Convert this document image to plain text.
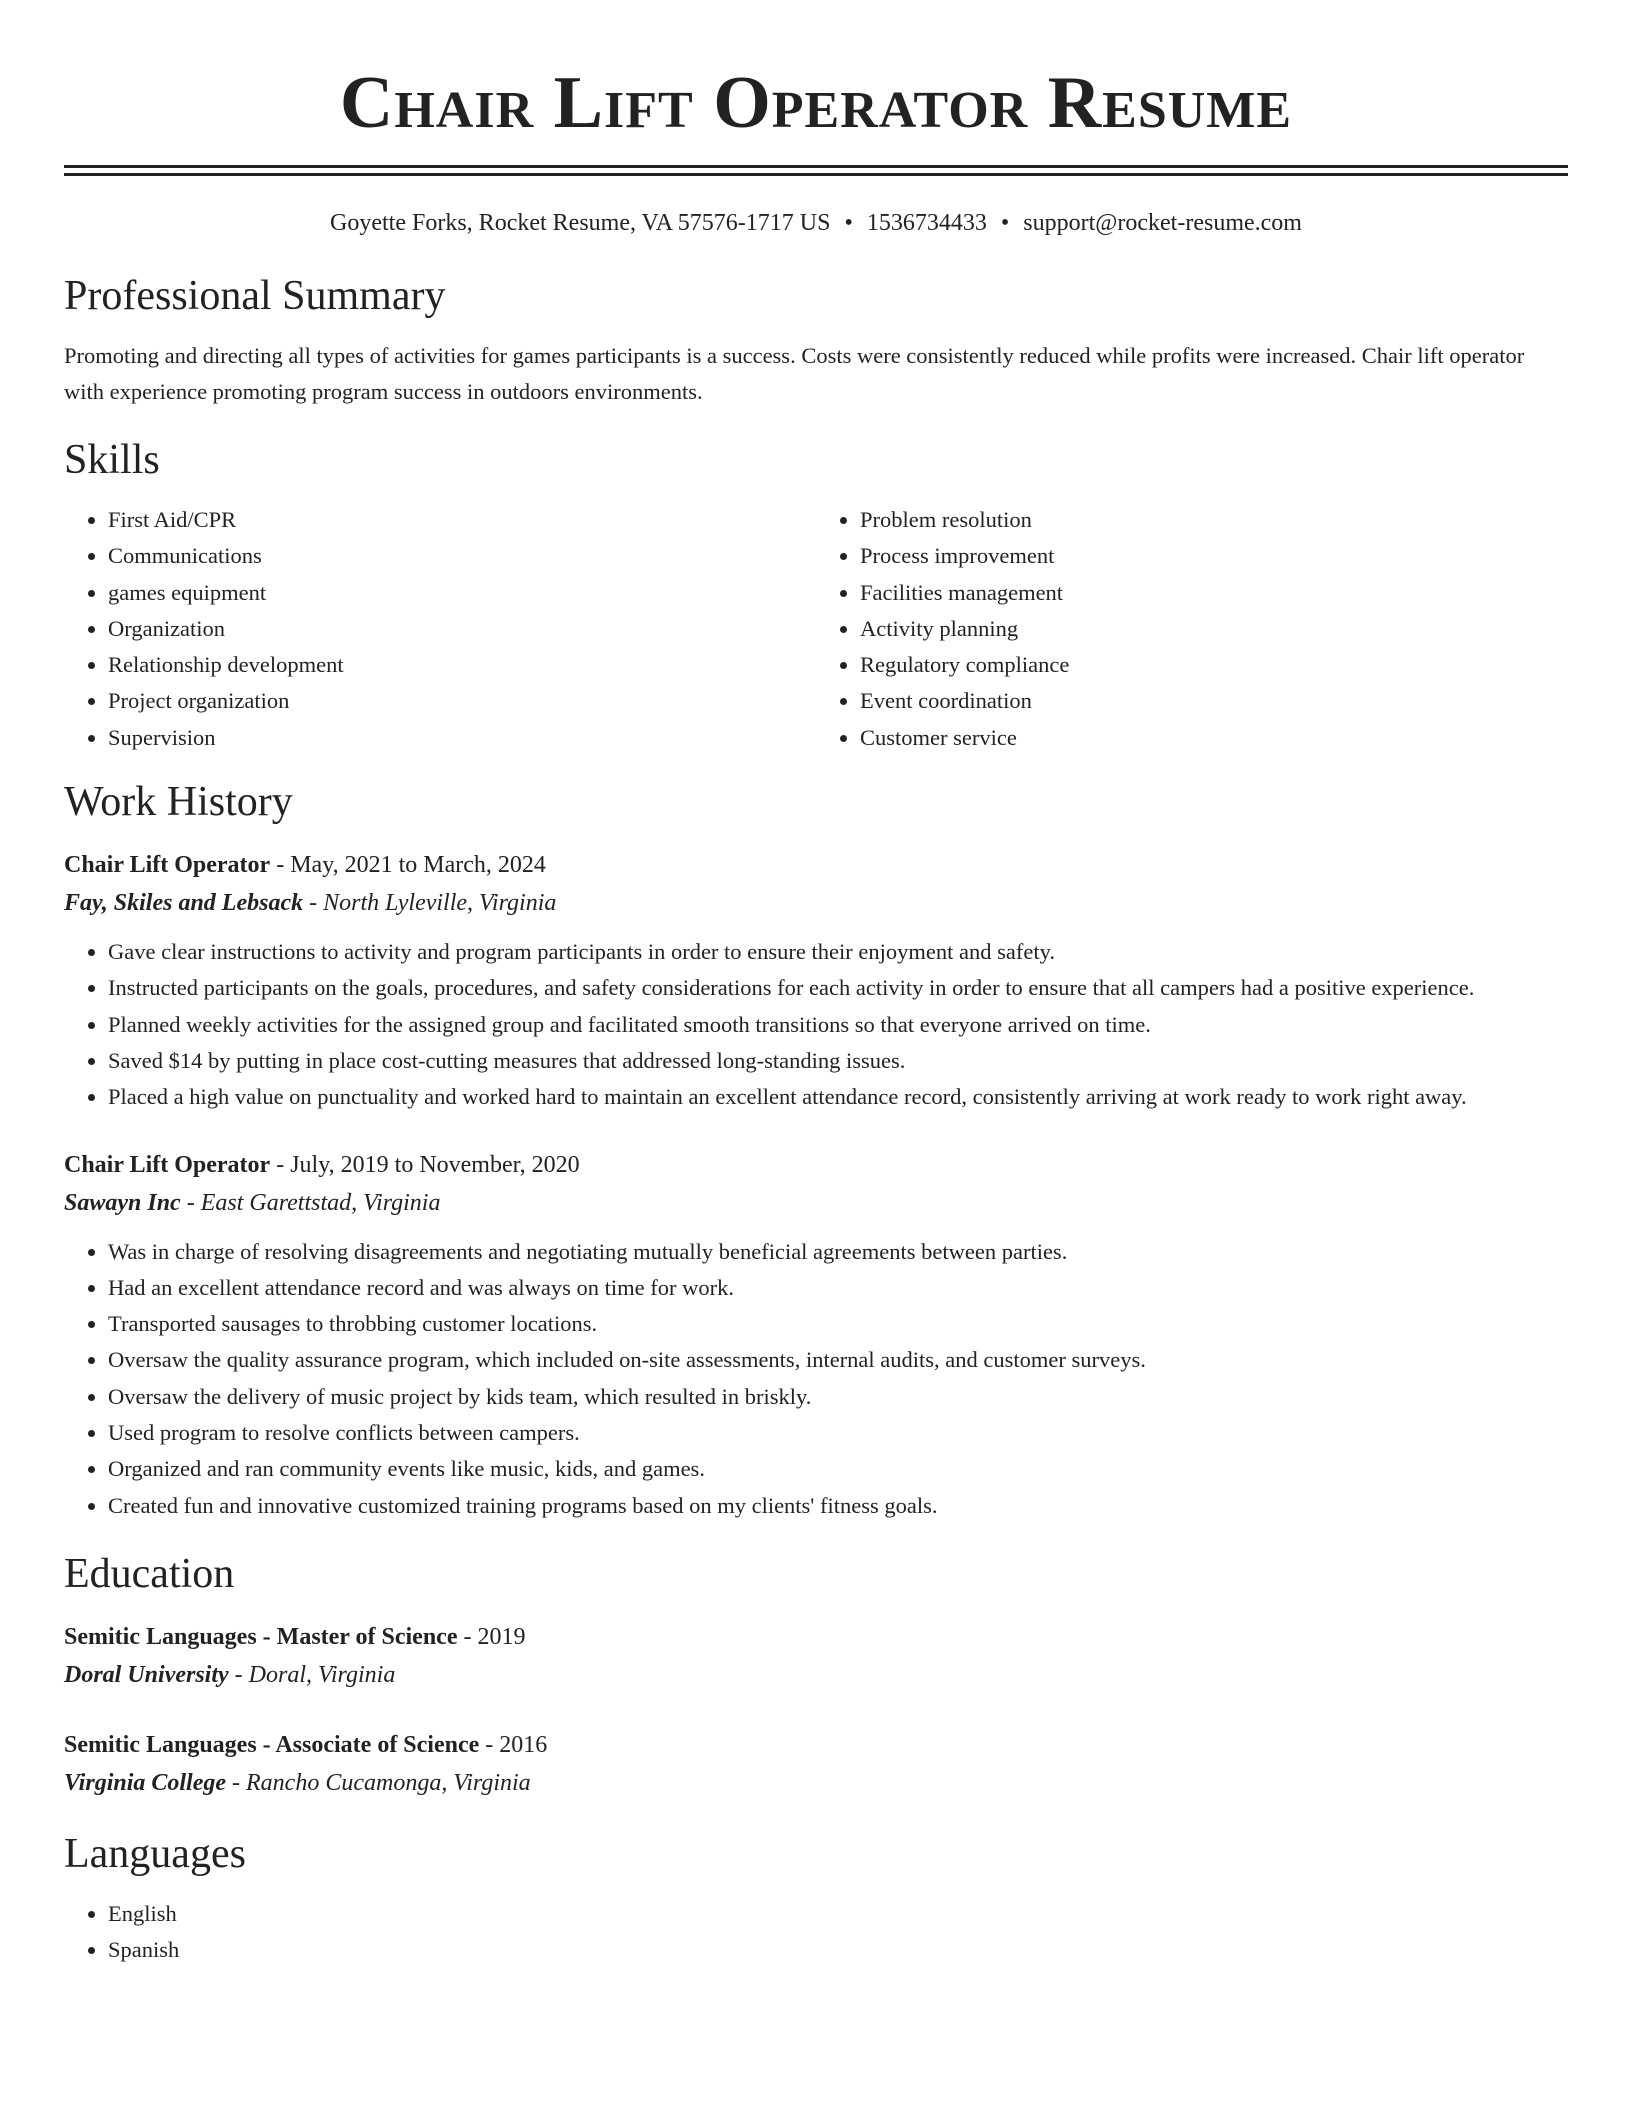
Chair Lift Operator Resume
Goyette Forks, Rocket Resume, VA 57576-1717 US • 1536734433 • support@rocket-resume.com
Professional Summary

Promoting and directing all types of activities for games participants is a success. Costs were consistently reduced while profits were increased. Chair lift operator with experience promoting program success in outdoors environments.

Skills
• First Aid/CPR
• Communications
• games equipment
• Organization
• Relationship development
• Project organization
• Supervision
• Problem resolution
• Process improvement
• Facilities management
• Activity planning
• Regulatory compliance
• Event coordination
• Customer service
Work History
Chair Lift Operator - May, 2021 to March, 2024
Fay, Skiles and Lebsack - North Lyleville, Virginia
• Gave clear instructions to activity and program participants in order to ensure their enjoyment and safety.
• Instructed participants on the goals, procedures, and safety considerations for each activity in order to ensure that all campers had a positive experience.
• Planned weekly activities for the assigned group and facilitated smooth transitions so that everyone arrived on time.
• Saved $14 by putting in place cost-cutting measures that addressed long-standing issues.
• Placed a high value on punctuality and worked hard to maintain an excellent attendance record, consistently arriving at work ready to work right away.
Chair Lift Operator - July, 2019 to November, 2020
Sawayn Inc - East Garettstad, Virginia
• Was in charge of resolving disagreements and negotiating mutually beneficial agreements between parties.
• Had an excellent attendance record and was always on time for work.
• Transported sausages to throbbing customer locations.
• Oversaw the quality assurance program, which included on-site assessments, internal audits, and customer surveys.
• Oversaw the delivery of music project by kids team, which resulted in briskly.
• Used program to resolve conflicts between campers.
• Organized and ran community events like music, kids, and games.
• Created fun and innovative customized training programs based on my clients' fitness goals.
Education
Semitic Languages - Master of Science - 2019
Doral University - Doral, Virginia
Semitic Languages - Associate of Science - 2016
Virginia College - Rancho Cucamonga, Virginia
Languages
• English
• Spanish
